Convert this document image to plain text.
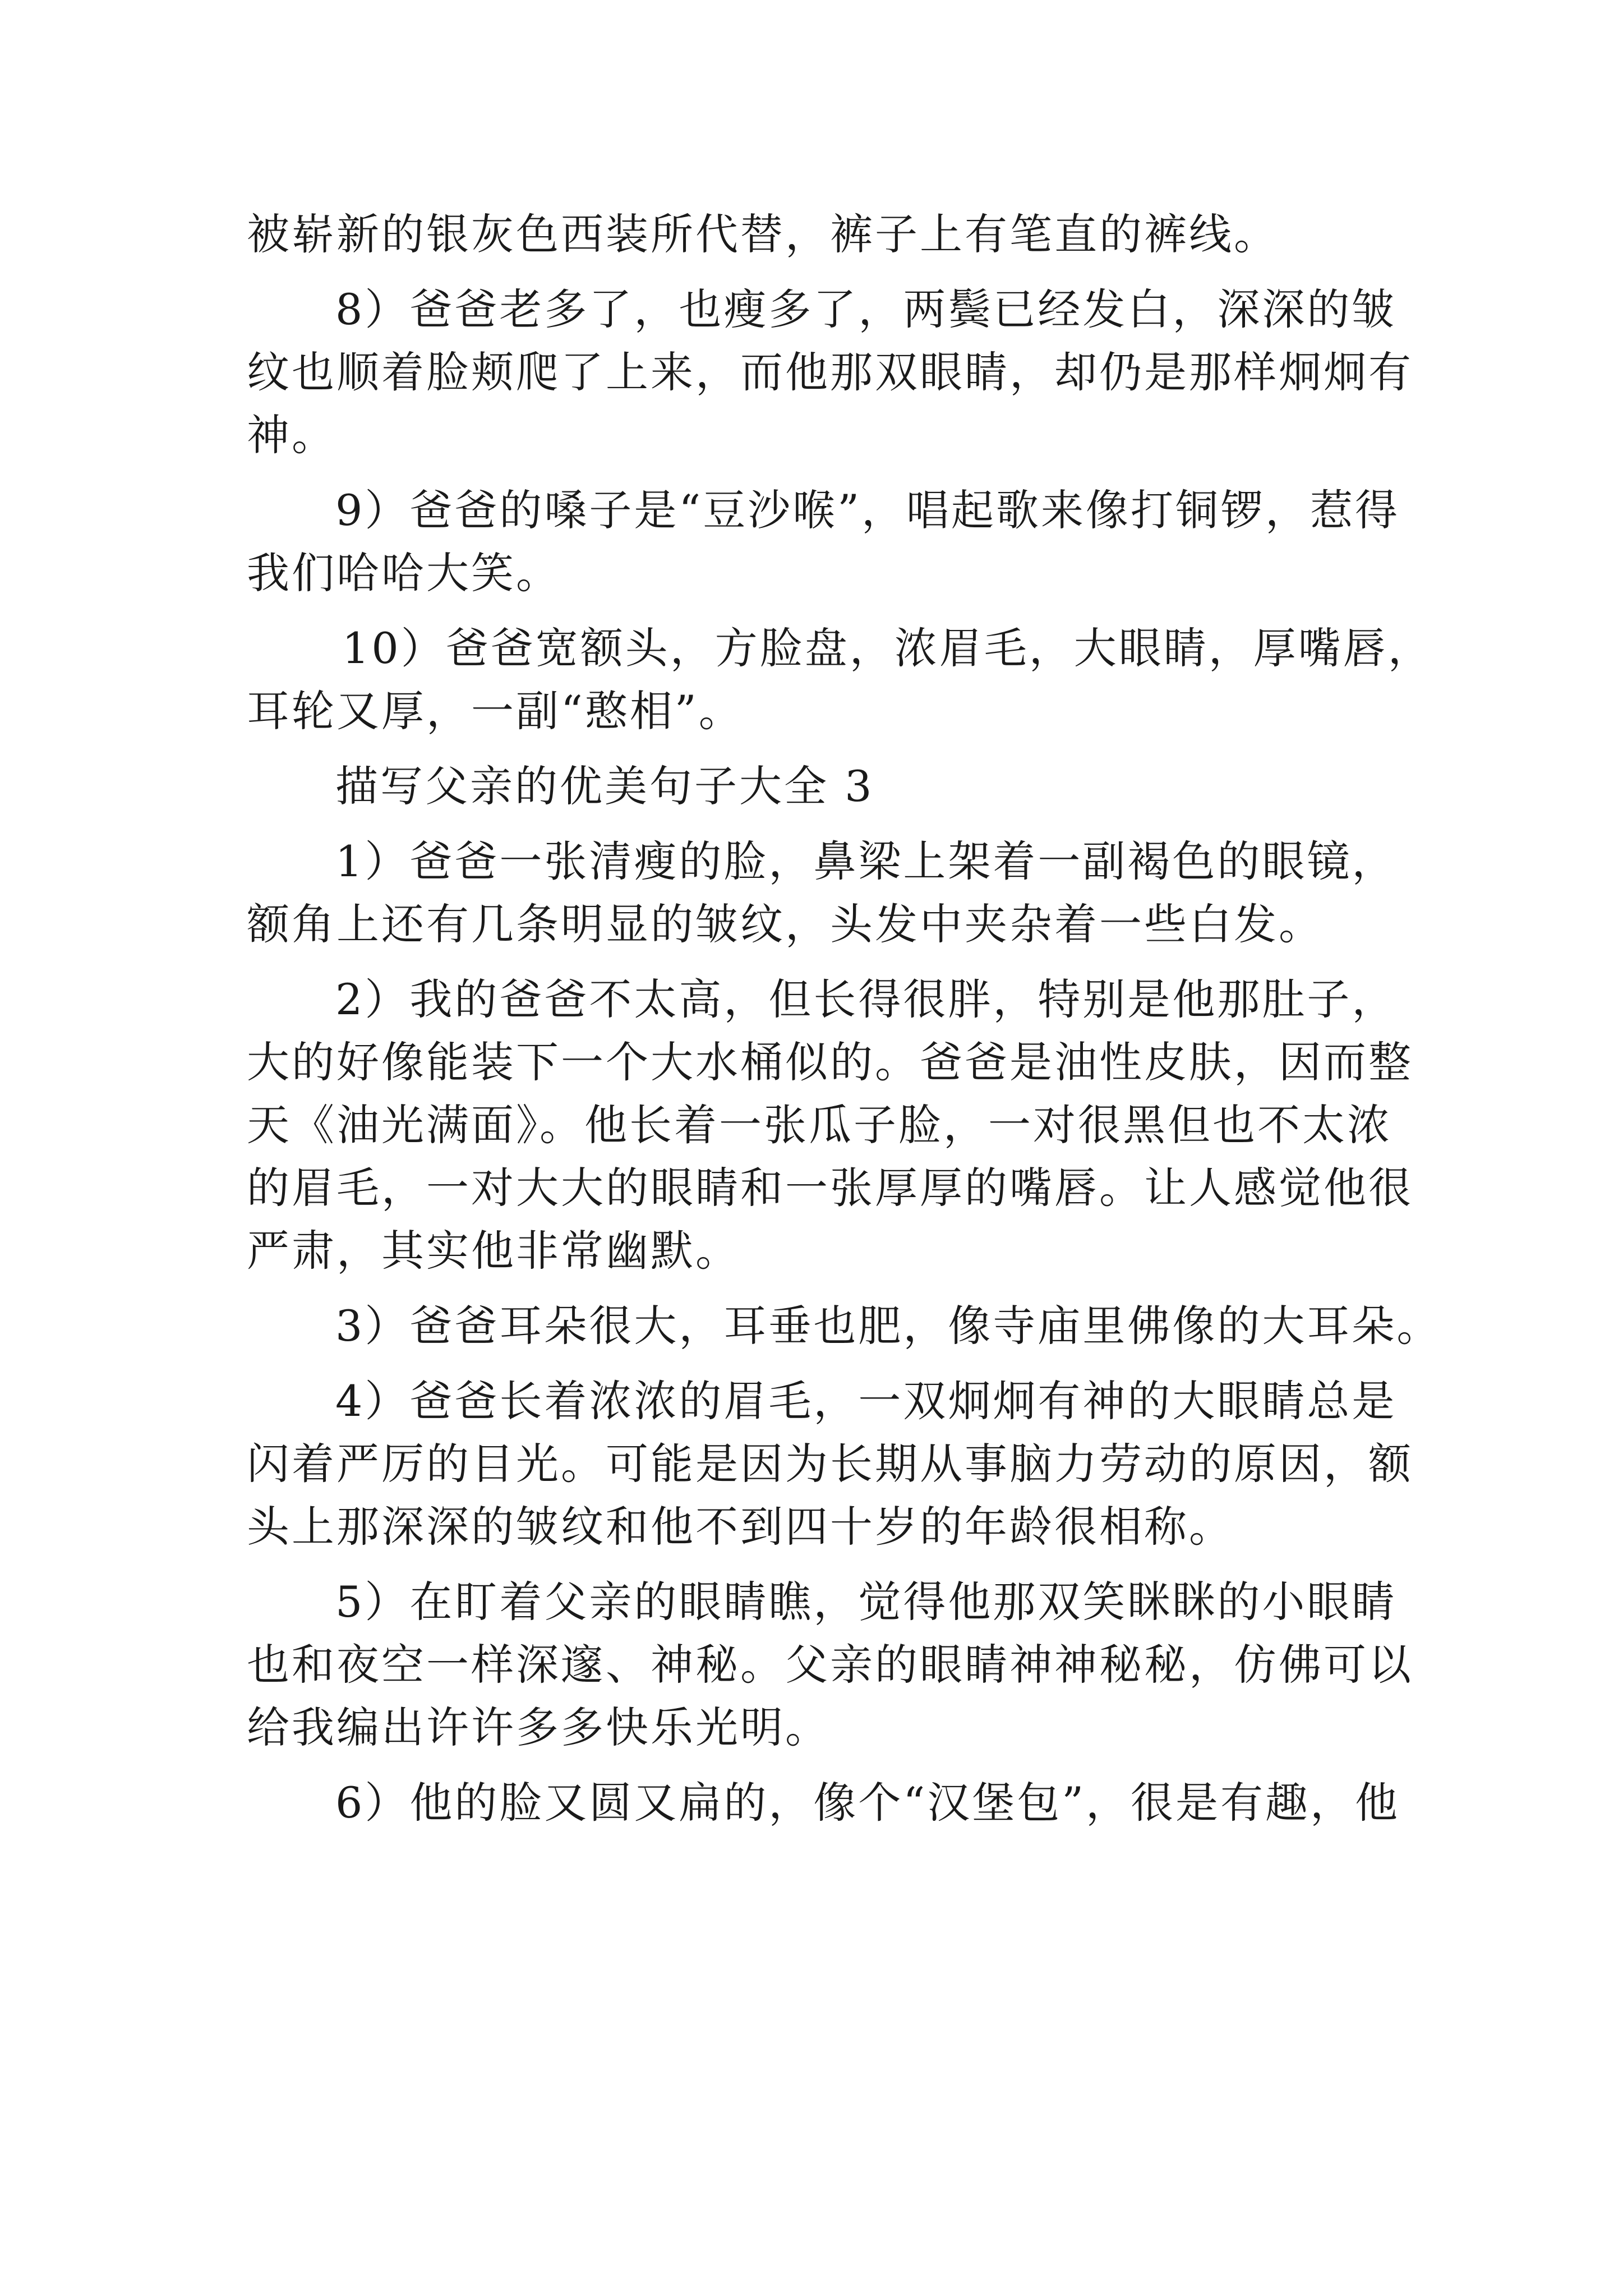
被崭新的银灰色西装所代替，裤子上有笔直的裤线。
8）爸爸老多了，也瘦多了，两鬓已经发白，深深的皱
纹也顺着脸颊爬了上来，而他那双眼睛，却仍是那样炯炯有
神。
9）爸爸的嗓子是“豆沙喉”，唱起歌来像打铜锣，惹得
我们哈哈大笑。
10）爸爸宽额头，方脸盘，浓眉毛，大眼睛，厚嘴唇，
耳轮又厚，一副“憨相”。
描写父亲的优美句子大全 3
1）爸爸一张清瘦的脸，鼻梁上架着一副褐色的眼镜，
额角上还有几条明显的皱纹，头发中夹杂着一些白发。
2）我的爸爸不太高，但长得很胖，特别是他那肚子，
大的好像能装下一个大水桶似的。爸爸是油性皮肤，因而整
天《油光满面》。他长着一张瓜子脸，一对很黑但也不太浓
的眉毛，一对大大的眼睛和一张厚厚的嘴唇。让人感觉他很
严肃，其实他非常幽默。
3）爸爸耳朵很大，耳垂也肥，像寺庙里佛像的大耳朵。
4）爸爸长着浓浓的眉毛，一双炯炯有神的大眼睛总是
闪着严厉的目光。可能是因为长期从事脑力劳动的原因，额
头上那深深的皱纹和他不到四十岁的年龄很相称。
5）在盯着父亲的眼睛瞧，觉得他那双笑眯眯的小眼睛
也和夜空一样深邃、神秘。父亲的眼睛神神秘秘，仿佛可以
给我编出许许多多快乐光明。
6）他的脸又圆又扁的，像个“汉堡包”，很是有趣，他
